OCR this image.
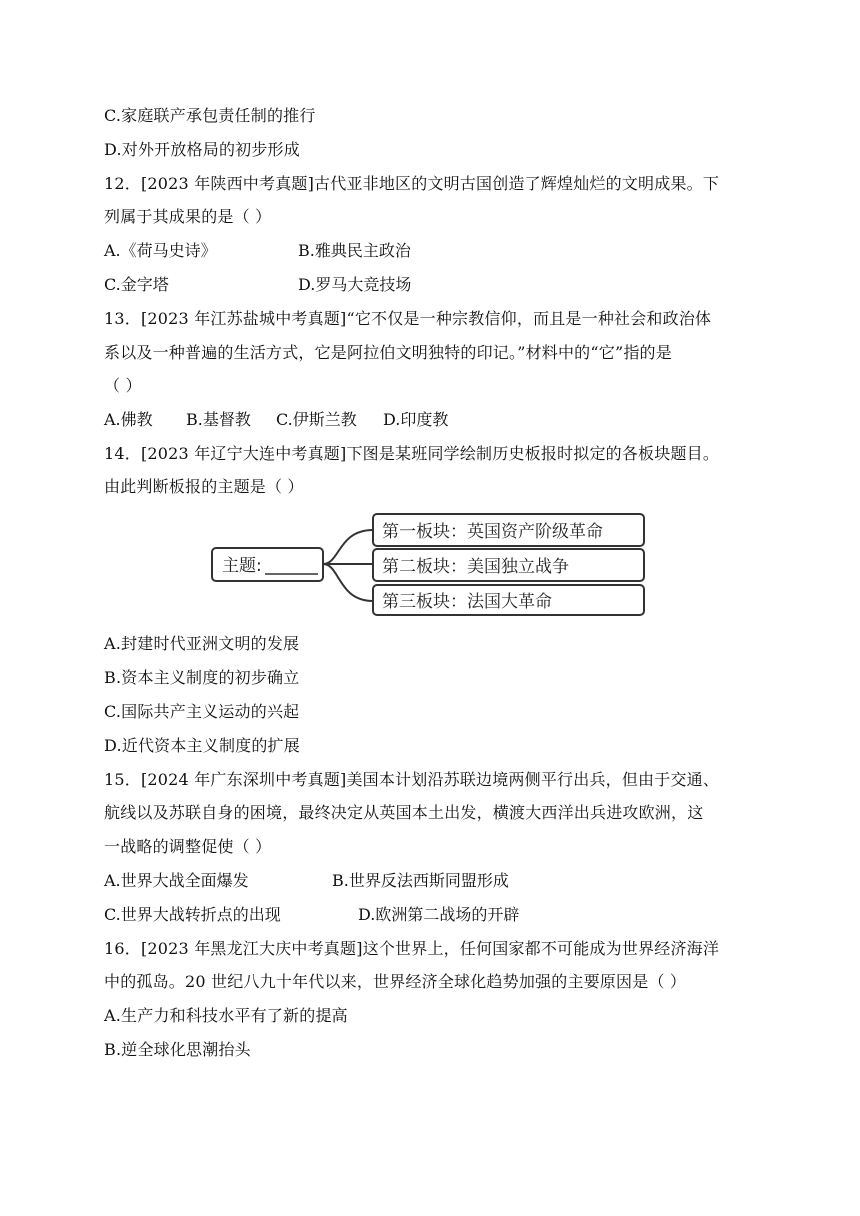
C.家庭联产承包责任制的推行
D.对外开放格局的初步形成
12．[2023 年陕西中考真题]古代亚非地区的文明古国创造了辉煌灿烂的文明成果。下
列属于其成果的是（ ）
A.《荷马史诗》	B.雅典民主政治
C.金字塔	D.罗马大竞技场
13．[2023 年江苏盐城中考真题]“它不仅是一种宗教信仰，而且是一种社会和政治体
系以及一种普遍的生活方式，它是阿拉伯文明独特的印记。”材料中的“它”指的是
（ ）
A.佛教 B.基督教 C.伊斯兰教 D.印度教
14．[2023 年辽宁大连中考真题]下图是某班同学绘制历史板报时拟定的各板块题目。
由此判断板报的主题是（ ）
主题:
第一板块：英国资产阶级革命
第二板块：美国独立战争
第三板块：法国大革命
A.封建时代亚洲文明的发展
B.资本主义制度的初步确立
C.国际共产主义运动的兴起
D.近代资本主义制度的扩展
15．[2024 年广东深圳中考真题]美国本计划沿苏联边境两侧平行出兵，但由于交通、
航线以及苏联自身的困境，最终决定从英国本土出发，横渡大西洋出兵进攻欧洲，这
一战略的调整促使（ ）
A.世界大战全面爆发	B.世界反法西斯同盟形成
C.世界大战转折点的出现	D.欧洲第二战场的开辟
16．[2023 年黑龙江大庆中考真题]这个世界上，任何国家都不可能成为世界经济海洋
中的孤岛。20 世纪八九十年代以来，世界经济全球化趋势加强的主要原因是（ ）
A.生产力和科技水平有了新的提高
B.逆全球化思潮抬头
